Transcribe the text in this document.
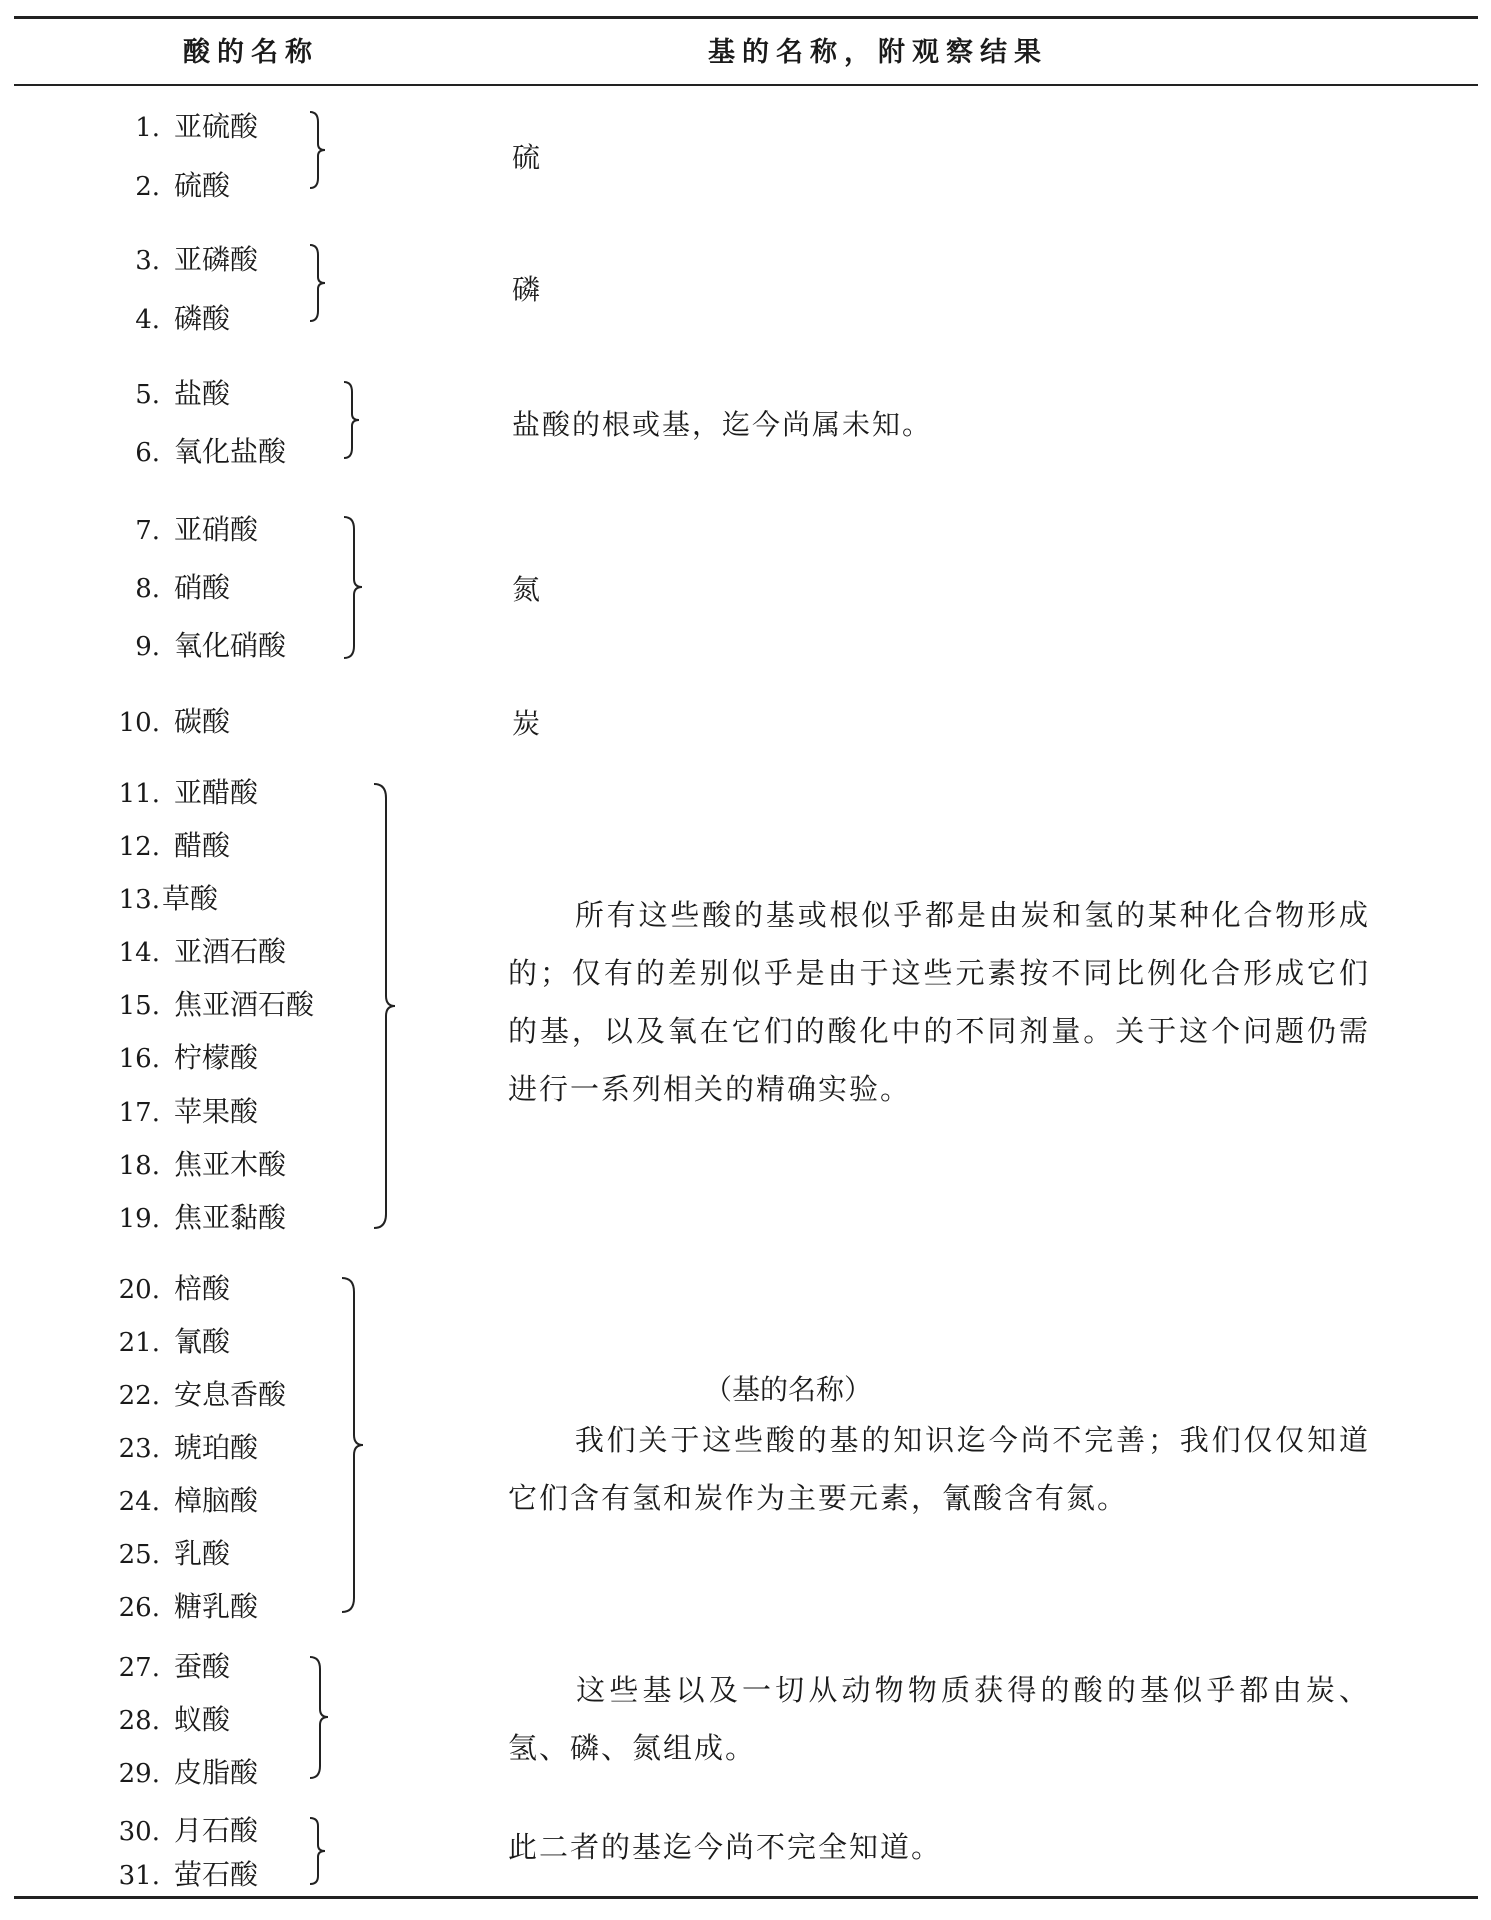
酸的名称	基的名称，附观察结果
1. 亚硫酸
2. 硫酸
3. 亚磷酸
4. 磷酸
5. 盐酸
6. 氧化盐酸
7. 亚硝酸
8. 硝酸
9. 氧化硝酸
10. 碳酸
11. 亚醋酸
12. 醋酸
13.草酸
14. 亚酒石酸
15. 焦亚酒石酸
16. 柠檬酸
17. 苹果酸
18. 焦亚木酸
19. 焦亚黏酸
20. 棓酸
21. 氰酸
22. 安息香酸
23. 琥珀酸
24. 樟脑酸
25. 乳酸
26. 糖乳酸
27. 蚕酸
28. 蚁酸
29. 皮脂酸
30. 月石酸
31. 萤石酸
硫
磷
盐酸的根或基，迄今尚属未知。
氮
炭
所有这些酸的基或根似乎都是由炭和氢的某种化合物形成的；仅有的差别似乎是由于这些元素按不同比例化合形成它们的基，以及氧在它们的酸化中的不同剂量。关于这个问题仍需进行一系列相关的精确实验。
（基的名称）
我们关于这些酸的基的知识迄今尚不完善；我们仅仅知道它们含有氢和炭作为主要元素，氰酸含有氮。
这些基以及一切从动物物质获得的酸的基似乎都由炭、氢、磷、氮组成。
此二者的基迄今尚不完全知道。
